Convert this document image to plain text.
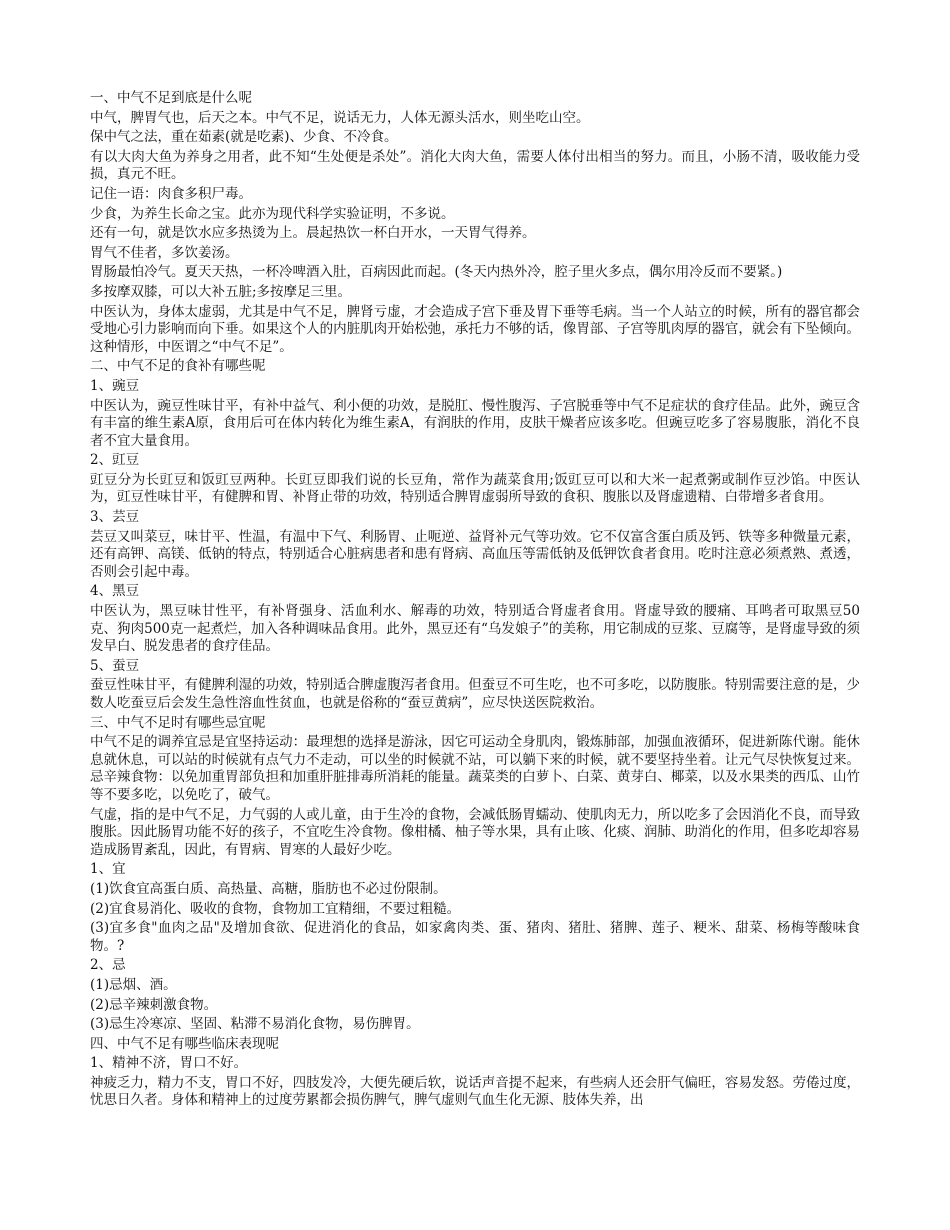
一、中气不足到底是什么呢

中气，脾胃气也，后天之本。中气不足，说话无力，人体无源头活水，则坐吃山空。

保中气之法，重在茹素(就是吃素)、少食、不冷食。

有以大肉大鱼为养身之用者，此不知“生处便是杀处”。消化大肉大鱼，需要人体付出相当的努力。而且，小肠不清，吸收能力受损，真元不旺。

记住一语：肉食多积尸毒。

少食，为养生长命之宝。此亦为现代科学实验证明，不多说。

还有一句，就是饮水应多热烫为上。晨起热饮一杯白开水，一天胃气得养。

胃气不佳者，多饮姜汤。

胃肠最怕冷气。夏天天热，一杯冷啤酒入肚，百病因此而起。(冬天内热外冷，腔子里火多点，偶尔用冷反而不要紧。)

多按摩双膝，可以大补五脏;多按摩足三里。

中医认为，身体太虚弱，尤其是中气不足，脾肾亏虚，才会造成子宫下垂及胃下垂等毛病。当一个人站立的时候，所有的器官都会受地心引力影响而向下垂。如果这个人的内脏肌肉开始松弛，承托力不够的话，像胃部、子宫等肌肉厚的器官，就会有下坠倾向。这种情形，中医谓之“中气不足”。

二、中气不足的食补有哪些呢

1、豌豆

中医认为，豌豆性味甘平，有补中益气、利小便的功效，是脱肛、慢性腹泻、子宫脱垂等中气不足症状的食疗佳品。此外，豌豆含有丰富的维生素A原，食用后可在体内转化为维生素A，有润肤的作用，皮肤干燥者应该多吃。但豌豆吃多了容易腹胀，消化不良者不宜大量食用。

2、豇豆

豇豆分为长豇豆和饭豇豆两种。长豇豆即我们说的长豆角，常作为蔬菜食用;饭豇豆可以和大米一起煮粥或制作豆沙馅。中医认为，豇豆性味甘平，有健脾和胃、补肾止带的功效，特别适合脾胃虚弱所导致的食积、腹胀以及肾虚遗精、白带增多者食用。

3、芸豆

芸豆又叫菜豆，味甘平、性温，有温中下气、利肠胃、止呃逆、益肾补元气等功效。它不仅富含蛋白质及钙、铁等多种微量元素，还有高钾、高镁、低钠的特点，特别适合心脏病患者和患有肾病、高血压等需低钠及低钾饮食者食用。吃时注意必须煮熟、煮透，否则会引起中毒。

4、黑豆

中医认为，黑豆味甘性平，有补肾强身、活血利水、解毒的功效，特别适合肾虚者食用。肾虚导致的腰痛、耳鸣者可取黑豆50克、狗肉500克一起煮烂，加入各种调味品食用。此外，黑豆还有“乌发娘子”的美称，用它制成的豆浆、豆腐等，是肾虚导致的须发早白、脱发患者的食疗佳品。

5、蚕豆

蚕豆性味甘平，有健脾利湿的功效，特别适合脾虚腹泻者食用。但蚕豆不可生吃，也不可多吃，以防腹胀。特别需要注意的是，少数人吃蚕豆后会发生急性溶血性贫血，也就是俗称的“蚕豆黄病”，应尽快送医院救治。

三、中气不足时有哪些忌宜呢

中气不足的调养宜忌是宜坚持运动：最理想的选择是游泳，因它可运动全身肌肉，锻炼肺部，加强血液循环，促进新陈代谢。能休息就休息，可以站的时候就有点气力不走动，可以坐的时候就不站，可以躺下来的时候，就不要坚持坐着。让元气尽快恢复过来。忌辛辣食物：以免加重胃部负担和加重肝脏排毒所消耗的能量。蔬菜类的白萝卜、白菜、黄芽白、椰菜，以及水果类的西瓜、山竹等不要多吃，以免吃了，破气。

气虚，指的是中气不足，力气弱的人或儿童，由于生冷的食物，会减低肠胃蠕动、使肌肉无力，所以吃多了会因消化不良，而导致腹胀。因此肠胃功能不好的孩子，不宜吃生冷食物。像柑橘、柚子等水果，具有止咳、化痰、润肺、助消化的作用，但多吃却容易造成肠胃紊乱，因此，有胃病、胃寒的人最好少吃。

1、宜

(1)饮食宜高蛋白质、高热量、高糖，脂肪也不必过份限制。

(2)宜食易消化、吸收的食物，食物加工宜精细，不要过粗糙。

(3)宜多食"血肉之品"及增加食欲、促进消化的食品，如家禽肉类、蛋、猪肉、猪肚、猪脾、莲子、粳米、甜菜、杨梅等酸味食物。?

2、忌

(1)忌烟、酒。

(2)忌辛辣刺激食物。

(3)忌生冷寒凉、坚固、粘滞不易消化食物，易伤脾胃。

四、中气不足有哪些临床表现呢

1、精神不济，胃口不好。

神疲乏力，精力不支，胃口不好，四肢发冷，大便先硬后软，说话声音提不起来，有些病人还会肝气偏旺，容易发怒。劳倦过度，忧思日久者。身体和精神上的过度劳累都会损伤脾气，脾气虚则气血生化无源、肢体失养，出
